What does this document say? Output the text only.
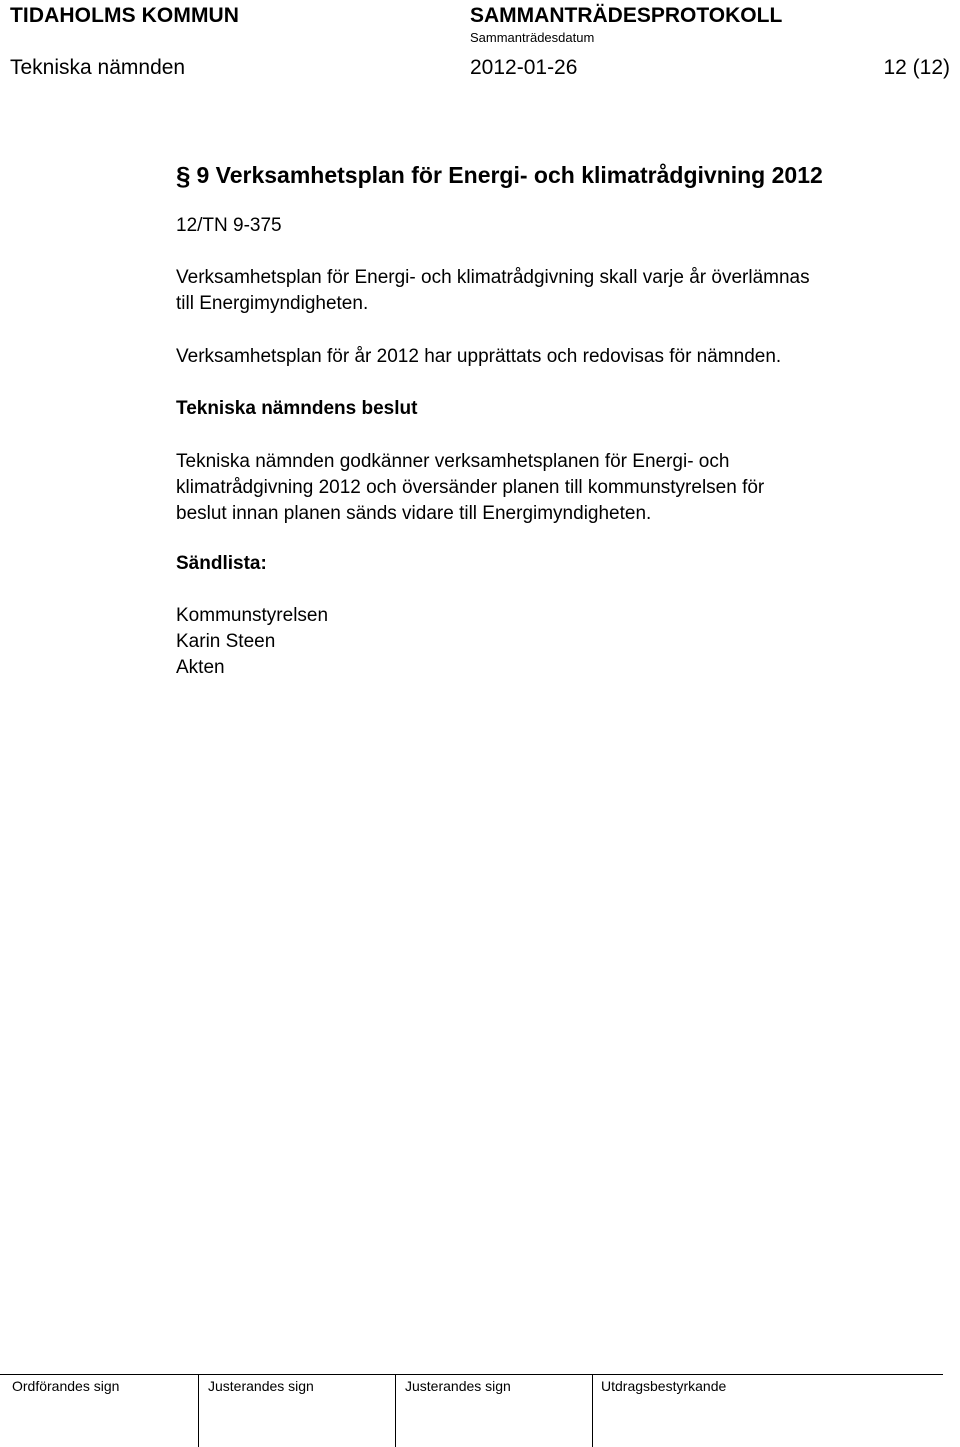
TIDAHOLMS KOMMUN	SAMMANTRÄDESPROTOKOLL
Sammanträdesdatum
Tekniska nämnden	2012-01-26	12 (12)
§ 9 Verksamhetsplan för Energi- och klimatrådgivning 2012
12/TN 9-375
Verksamhetsplan för Energi- och klimatrådgivning skall varje år överlämnas
till Energimyndigheten.
Verksamhetsplan för år 2012 har upprättats och redovisas för nämnden.
Tekniska nämndens beslut
Tekniska nämnden godkänner verksamhetsplanen för Energi- och
klimatrådgivning 2012 och översänder planen till kommunstyrelsen för
beslut innan planen sänds vidare till Energimyndigheten.
Sändlista:
Kommunstyrelsen
Karin Steen
Akten
Ordförandes sign	Justerandes sign	Justerandes sign	Utdragsbestyrkande
